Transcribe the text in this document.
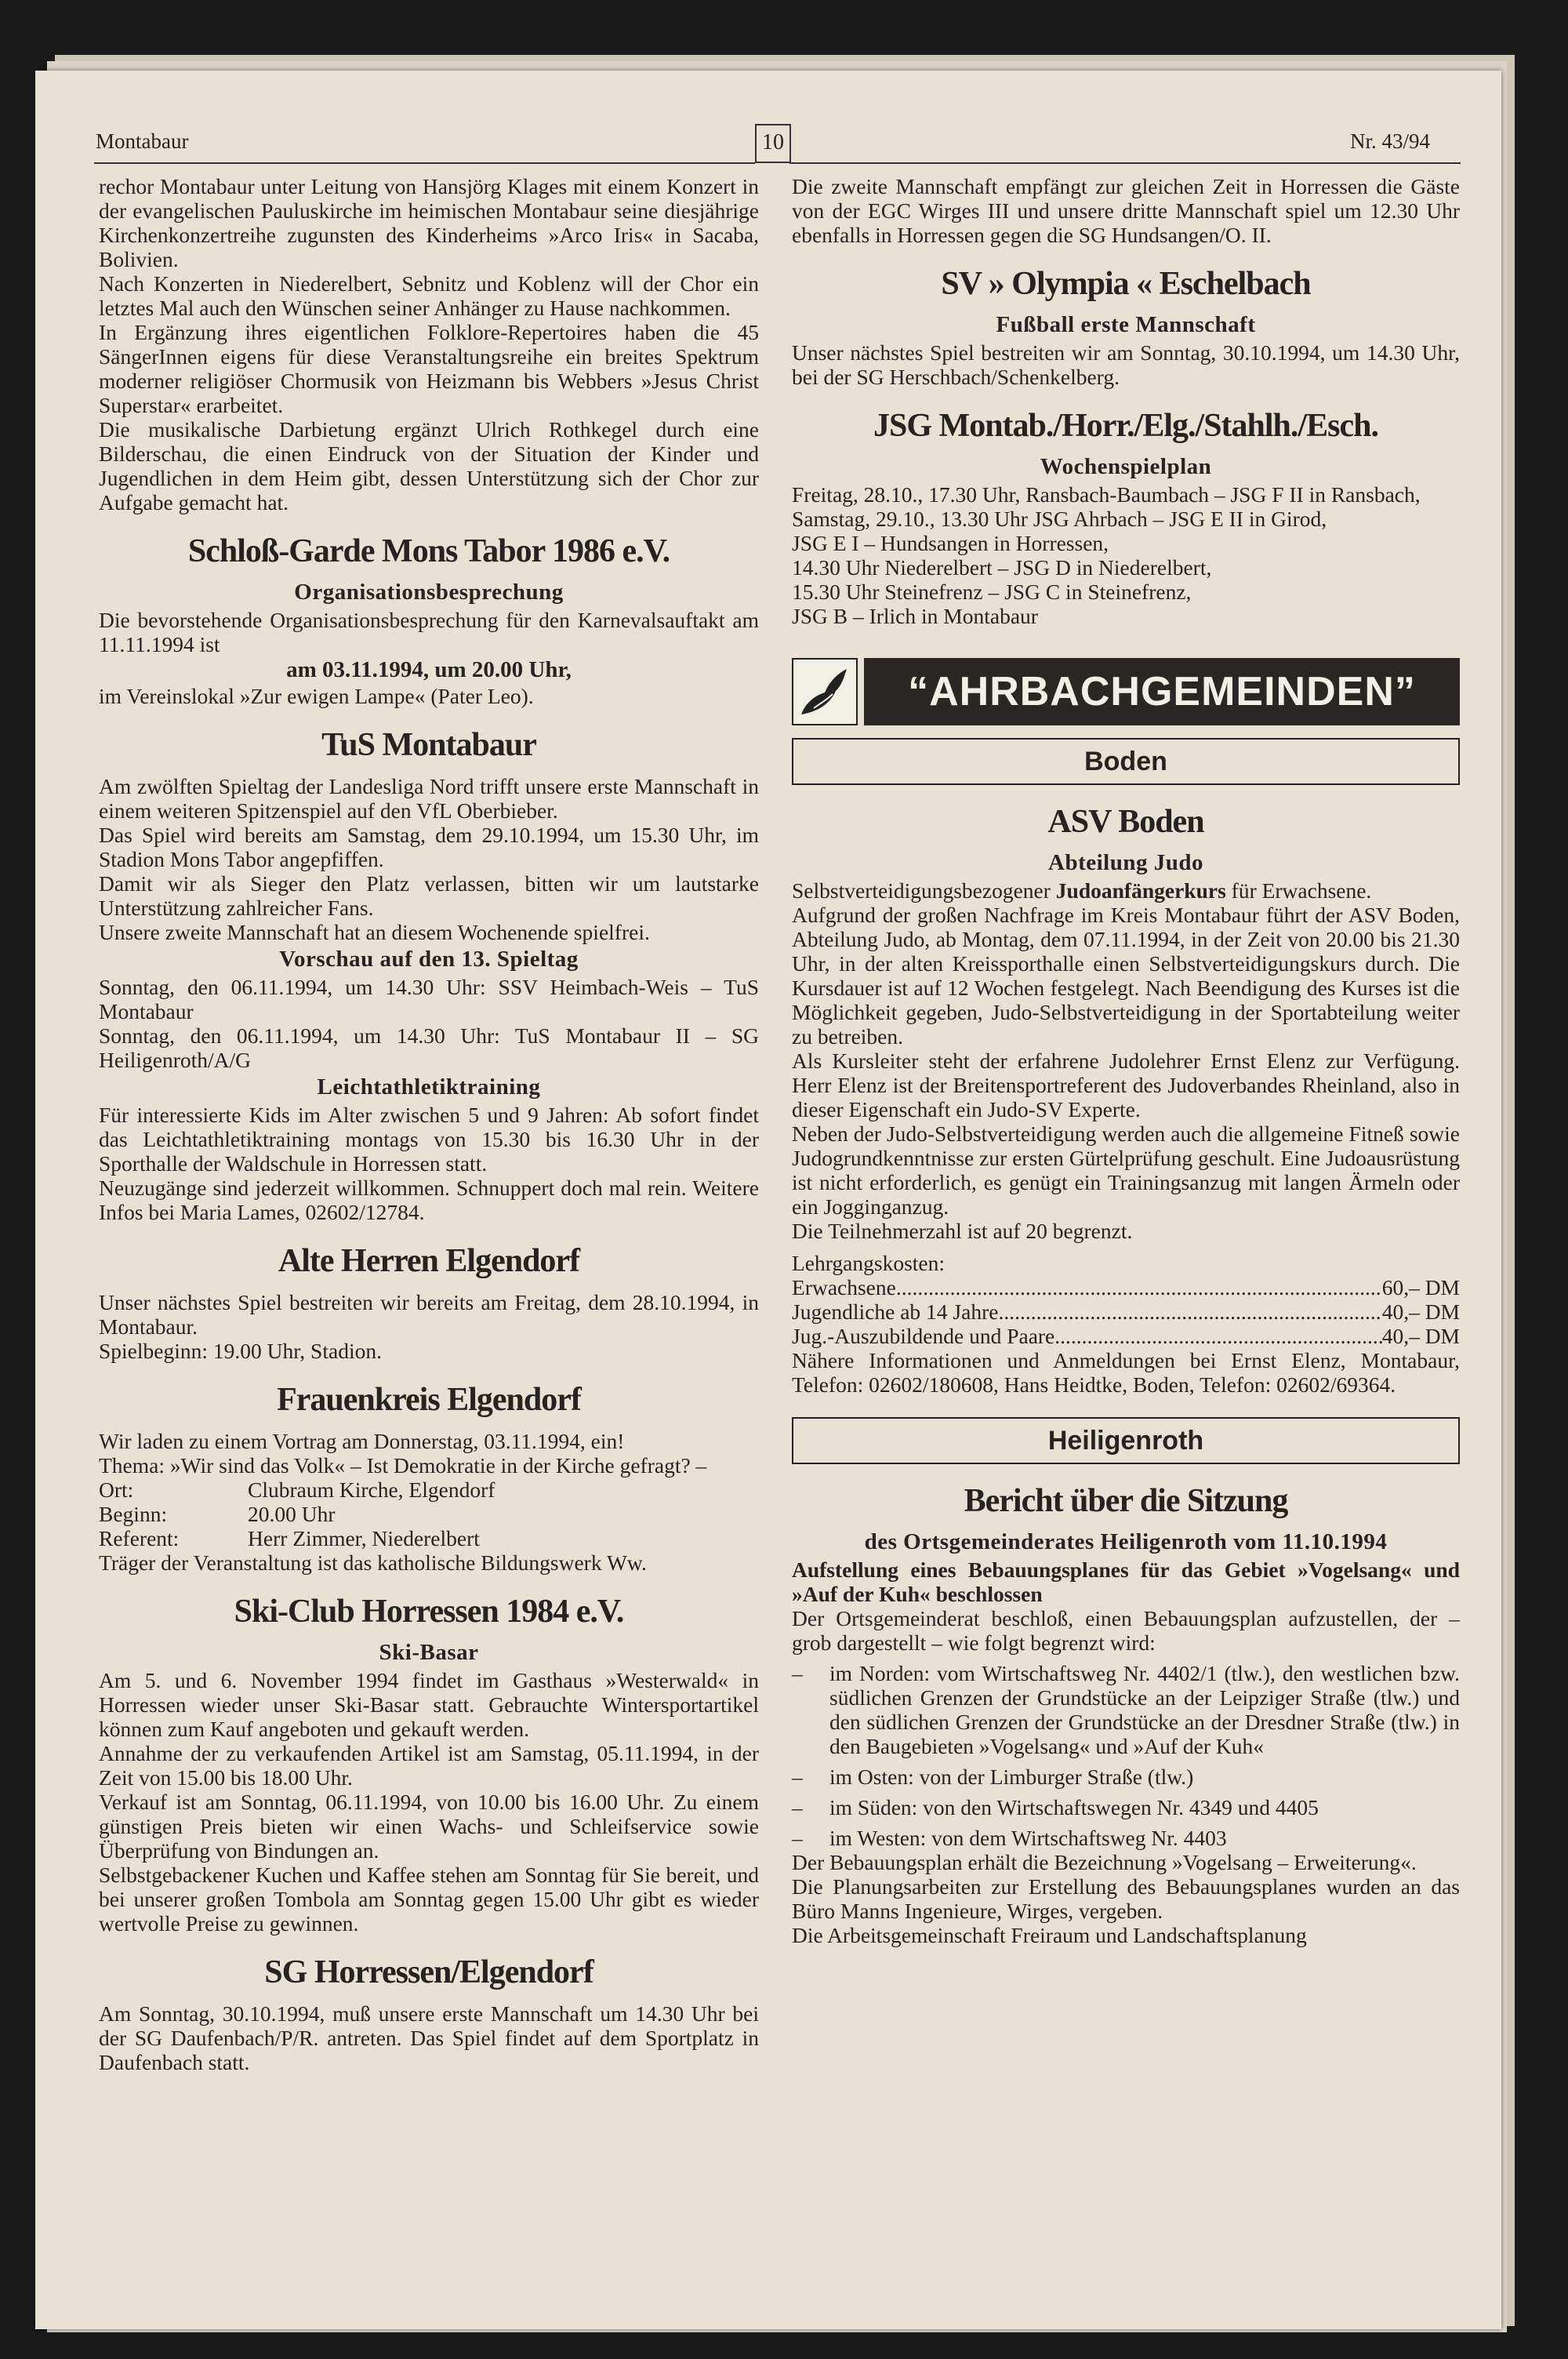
Montabaur	10	Nr. 43/94

rechor Montabaur unter Leitung von Hansjörg Klages mit einem Konzert in der evangelischen Pauluskirche im heimischen Montabaur seine diesjährige Kirchenkonzertreihe zugunsten des Kinderheims »Arco Iris« in Sacaba, Bolivien.

Nach Konzerten in Niederelbert, Sebnitz und Koblenz will der Chor ein letztes Mal auch den Wünschen seiner Anhänger zu Hause nachkommen.

In Ergänzung ihres eigentlichen Folklore-Repertoires haben die 45 SängerInnen eigens für diese Veranstaltungsreihe ein breites Spektrum moderner religiöser Chormusik von Heizmann bis Webbers »Jesus Christ Superstar« erarbeitet.

Die musikalische Darbietung ergänzt Ulrich Rothkegel durch eine Bilderschau, die einen Eindruck von der Situation der Kinder und Jugendlichen in dem Heim gibt, dessen Unterstützung sich der Chor zur Aufgabe gemacht hat.

Schloß-Garde Mons Tabor 1986 e.V.
Organisationsbesprechung

Die bevorstehende Organisationsbesprechung für den Karnevalsauftakt am 11.11.1994 ist

am 03.11.1994, um 20.00 Uhr,

im Vereinslokal »Zur ewigen Lampe« (Pater Leo).

TuS Montabaur

Am zwölften Spieltag der Landesliga Nord trifft unsere erste Mannschaft in einem weiteren Spitzenspiel auf den VfL Oberbieber.

Das Spiel wird bereits am Samstag, dem 29.10.1994, um 15.30 Uhr, im Stadion Mons Tabor angepfiffen.

Damit wir als Sieger den Platz verlassen, bitten wir um lautstarke Unterstützung zahlreicher Fans.

Unsere zweite Mannschaft hat an diesem Wochenende spielfrei.

Vorschau auf den 13. Spieltag

Sonntag, den 06.11.1994, um 14.30 Uhr: SSV Heimbach-Weis – TuS Montabaur

Sonntag, den 06.11.1994, um 14.30 Uhr: TuS Montabaur II – SG Heiligenroth/A/G

Leichtathletiktraining

Für interessierte Kids im Alter zwischen 5 und 9 Jahren: Ab sofort findet das Leichtathletiktraining montags von 15.30 bis 16.30 Uhr in der Sporthalle der Waldschule in Horressen statt.

Neuzugänge sind jederzeit willkommen. Schnuppert doch mal rein. Weitere Infos bei Maria Lames, 02602/12784.

Alte Herren Elgendorf

Unser nächstes Spiel bestreiten wir bereits am Freitag, dem 28.10.1994, in Montabaur.

Spielbeginn: 19.00 Uhr, Stadion.

Frauenkreis Elgendorf

Wir laden zu einem Vortrag am Donnerstag, 03.11.1994, ein!

Thema: »Wir sind das Volk« – Ist Demokratie in der Kirche gefragt? –

Ort:	Clubraum Kirche, Elgendorf
Beginn:	20.00 Uhr
Referent:	Herr Zimmer, Niederelbert

Träger der Veranstaltung ist das katholische Bildungswerk Ww.

Ski-Club Horressen 1984 e.V.
Ski-Basar

Am 5. und 6. November 1994 findet im Gasthaus »Westerwald« in Horressen wieder unser Ski-Basar statt. Gebrauchte Wintersportartikel können zum Kauf angeboten und gekauft werden.

Annahme der zu verkaufenden Artikel ist am Samstag, 05.11.1994, in der Zeit von 15.00 bis 18.00 Uhr.

Verkauf ist am Sonntag, 06.11.1994, von 10.00 bis 16.00 Uhr. Zu einem günstigen Preis bieten wir einen Wachs- und Schleifservice sowie Überprüfung von Bindungen an.

Selbstgebackener Kuchen und Kaffee stehen am Sonntag für Sie bereit, und bei unserer großen Tombola am Sonntag gegen 15.00 Uhr gibt es wieder wertvolle Preise zu gewinnen.

SG Horressen/Elgendorf

Am Sonntag, 30.10.1994, muß unsere erste Mannschaft um 14.30 Uhr bei der SG Daufenbach/P/R. antreten. Das Spiel findet auf dem Sportplatz in Daufenbach statt.

Die zweite Mannschaft empfängt zur gleichen Zeit in Horressen die Gäste von der EGC Wirges III und unsere dritte Mannschaft spiel um 12.30 Uhr ebenfalls in Horressen gegen die SG Hundsangen/O. II.

SV » Olympia « Eschelbach
Fußball erste Mannschaft

Unser nächstes Spiel bestreiten wir am Sonntag, 30.10.1994, um 14.30 Uhr, bei der SG Herschbach/Schenkelberg.

JSG Montab./Horr./Elg./Stahlh./Esch.
Wochenspielplan

Freitag, 28.10., 17.30 Uhr, Ransbach-Baumbach – JSG F II in Ransbach,

Samstag, 29.10., 13.30 Uhr JSG Ahrbach – JSG E II in Girod,

JSG E I – Hundsangen in Horressen,

14.30 Uhr Niederelbert – JSG D in Niederelbert,

15.30 Uhr Steinefrenz – JSG C in Steinefrenz,

JSG B – Irlich in Montabaur

“AHRBACHGEMEINDEN”
Boden
ASV Boden
Abteilung Judo

Selbstverteidigungsbezogener Judoanfängerkurs für Erwachsene.

Aufgrund der großen Nachfrage im Kreis Montabaur führt der ASV Boden, Abteilung Judo, ab Montag, dem 07.11.1994, in der Zeit von 20.00 bis 21.30 Uhr, in der alten Kreissporthalle einen Selbstverteidigungskurs durch. Die Kursdauer ist auf 12 Wochen festgelegt. Nach Beendigung des Kurses ist die Möglichkeit gegeben, Judo-Selbstverteidigung in der Sportabteilung weiter zu betreiben.

Als Kursleiter steht der erfahrene Judolehrer Ernst Elenz zur Verfügung. Herr Elenz ist der Breitensportreferent des Judoverbandes Rheinland, also in dieser Eigenschaft ein Judo-SV Experte.

Neben der Judo-Selbstverteidigung werden auch die allgemeine Fitneß sowie Judogrundkenntnisse zur ersten Gürtelprüfung geschult. Eine Judoausrüstung ist nicht erforderlich, es genügt ein Trainingsanzug mit langen Ärmeln oder ein Jogginganzug.

Die Teilnehmerzahl ist auf 20 begrenzt.

Lehrgangskosten:

Erwachsene .....	60,– DM
Jugendliche ab 14 Jahre .....	40,– DM
Jug.-Auszubildende und Paare .....	40,– DM

Nähere Informationen und Anmeldungen bei Ernst Elenz, Montabaur, Telefon: 02602/180608, Hans Heidtke, Boden, Telefon: 02602/69364.

Heiligenroth
Bericht über die Sitzung
des Ortsgemeinderates Heiligenroth vom 11.10.1994

Aufstellung eines Bebauungsplanes für das Gebiet »Vogelsang« und »Auf der Kuh« beschlossen

Der Ortsgemeinderat beschloß, einen Bebauungsplan aufzustellen, der – grob dargestellt – wie folgt begrenzt wird:

–	im Norden: vom Wirtschaftsweg Nr. 4402/1 (tlw.), den westlichen bzw. südlichen Grenzen der Grundstücke an der Leipziger Straße (tlw.) und den südlichen Grenzen der Grundstücke an der Dresdner Straße (tlw.) in den Baugebieten »Vogelsang« und »Auf der Kuh«
–	im Osten: von der Limburger Straße (tlw.)
–	im Süden: von den Wirtschaftswegen Nr. 4349 und 4405
–	im Westen: von dem Wirtschaftsweg Nr. 4403

Der Bebauungsplan erhält die Bezeichnung »Vogelsang – Erweiterung«.

Die Planungsarbeiten zur Erstellung des Bebauungsplanes wurden an das Büro Manns Ingenieure, Wirges, vergeben.

Die Arbeitsgemeinschaft Freiraum und Landschaftsplanung
